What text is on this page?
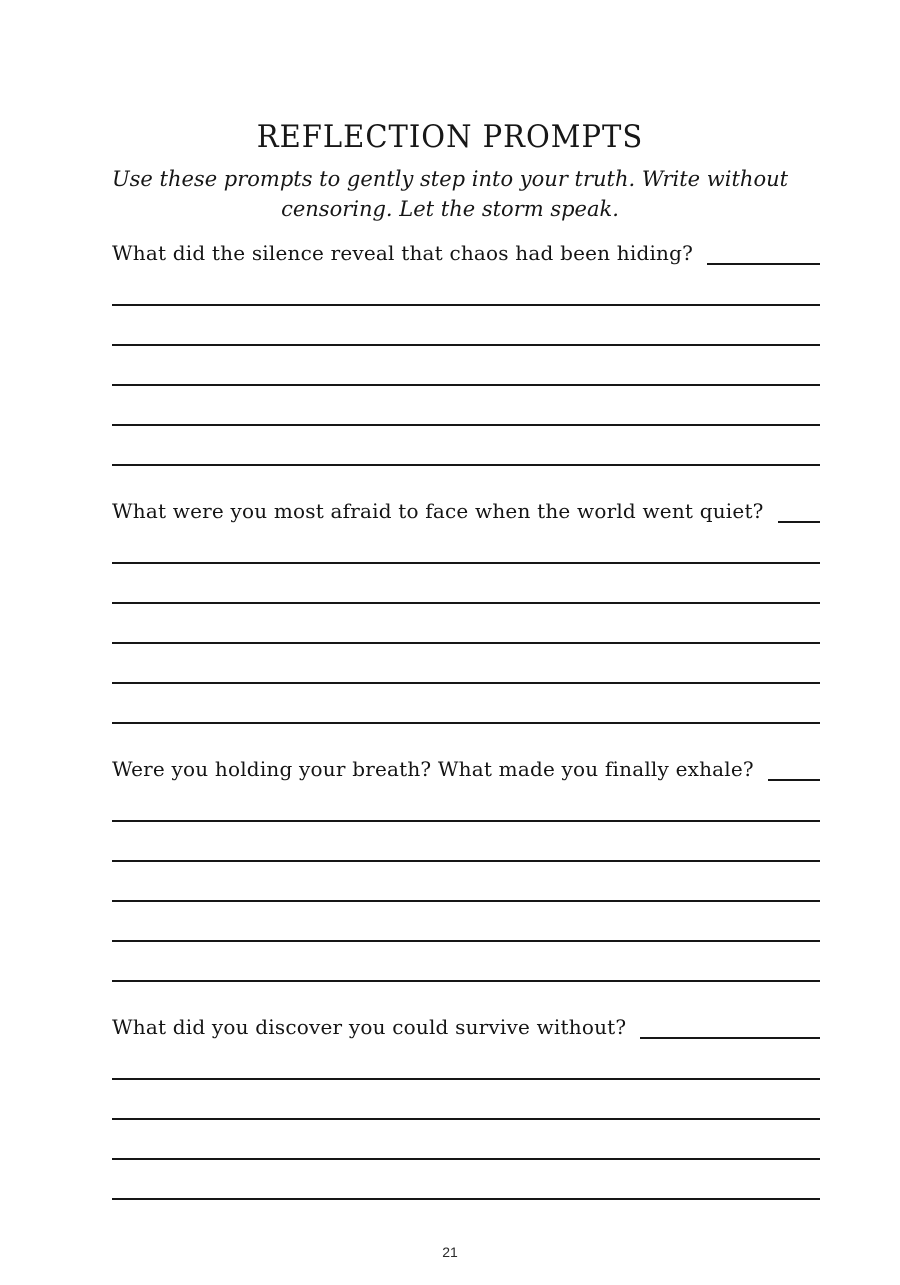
REFLECTION PROMPTS
Use these prompts to gently step into your truth. Write without
censoring. Let the storm speak.
What did the silence reveal that chaos had been hiding?
What were you most afraid to face when the world went quiet?
Were you holding your breath? What made you finally exhale?
What did you discover you could survive without?
21
